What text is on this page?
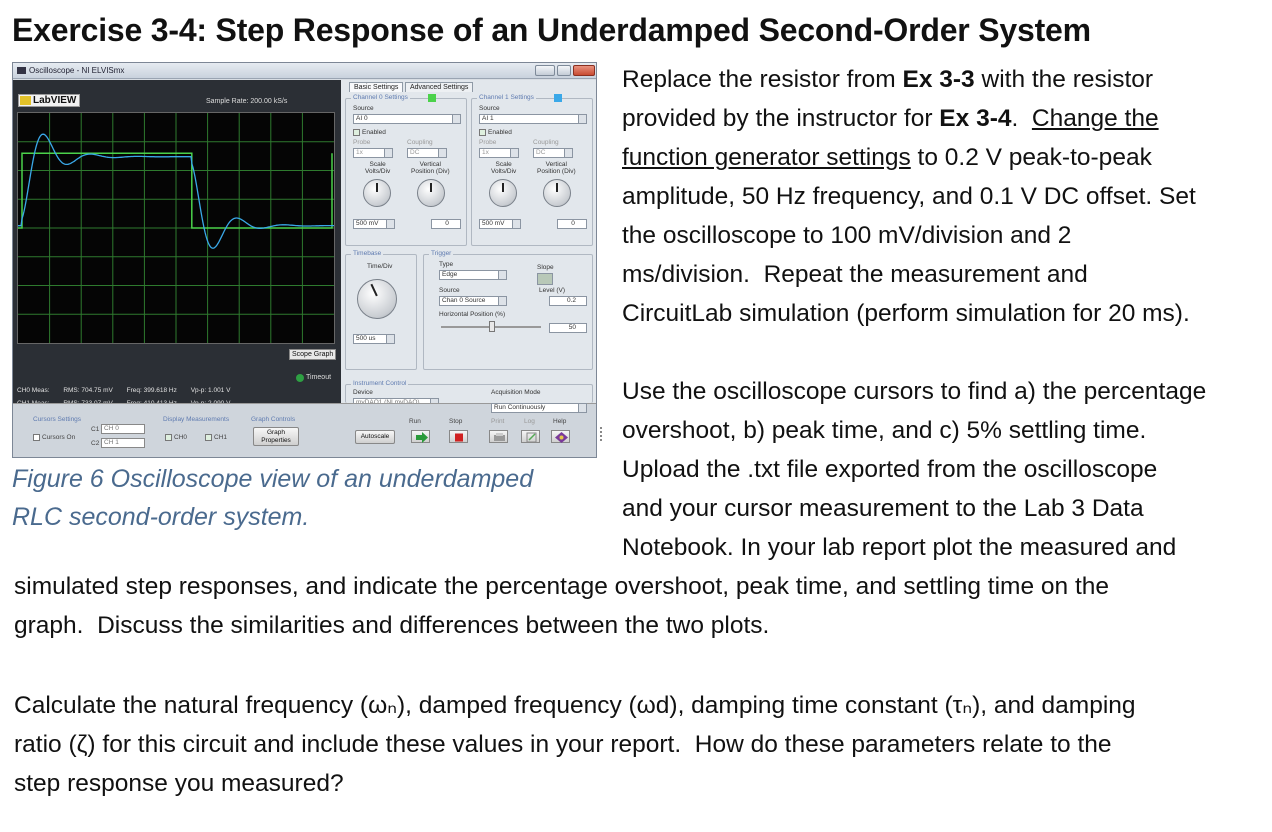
Exercise 3-4: Step Response of an Underdamped Second-Order System
Oscilloscope - NI ELVISmx
LabVIEW	Sample Rate: 200.00 kS/s
Scope Graph
Timeout
CH0 Meas: RMS: 704.75 mV Freq: 399.618 Hz Vp-p: 1.001 V

Basic Settings	Advanced Settings
Channel 0 Settings
Source
AI 0
Enabled
Probe	Coupling
1x	DC
Scale
Volts/Div
Vertical
Position (Div)
500 mV	0
Channel 1 Settings
Source
AI 1
Enabled
Probe	Coupling
1x	DC
Scale
Volts/Div
Vertical
Position (Div)
500 mV	0
Timebase
Time/Div
500 us
Trigger
Type
Edge
Slope
Source
Chan 0 Source
Level (V)
0.2
Horizontal Position (%)
50
Instrument Control
Device	Acquisition Mode
Run Continuously
Cursors Settings
Cursors On
C1
C2
CH 0
CH 1
Display Measurements
CH0	CH1
Graph Controls
Graph
Properties
Run	Stop	Print	Log	Help
Autoscale
Figure 6 Oscilloscope view of an underdamped
RLC second-order system.
Replace the resistor from Ex 3-3 with the resistor
provided by the instructor for Ex 3-4.  Change the
function generator settings to 0.2 V peak-to-peak
amplitude, 50 Hz frequency, and 0.1 V DC offset. Set
the oscilloscope to 100 mV/division and 2
ms/division.  Repeat the measurement and
CircuitLab simulation (perform simulation for 20 ms).
Use the oscilloscope cursors to find a) the percentage
overshoot, b) peak time, and c) 5% settling time.
Upload the .txt file exported from the oscilloscope
and your cursor measurement to the Lab 3 Data
Notebook. In your lab report plot the measured and
simulated step responses, and indicate the percentage overshoot, peak time, and settling time on the
graph.  Discuss the similarities and differences between the two plots.
Calculate the natural frequency (ωₙ), damped frequency (ωd), damping time constant (τₙ), and damping
ratio (ζ) for this circuit and include these values in your report.  How do these parameters relate to the
step response you measured?
